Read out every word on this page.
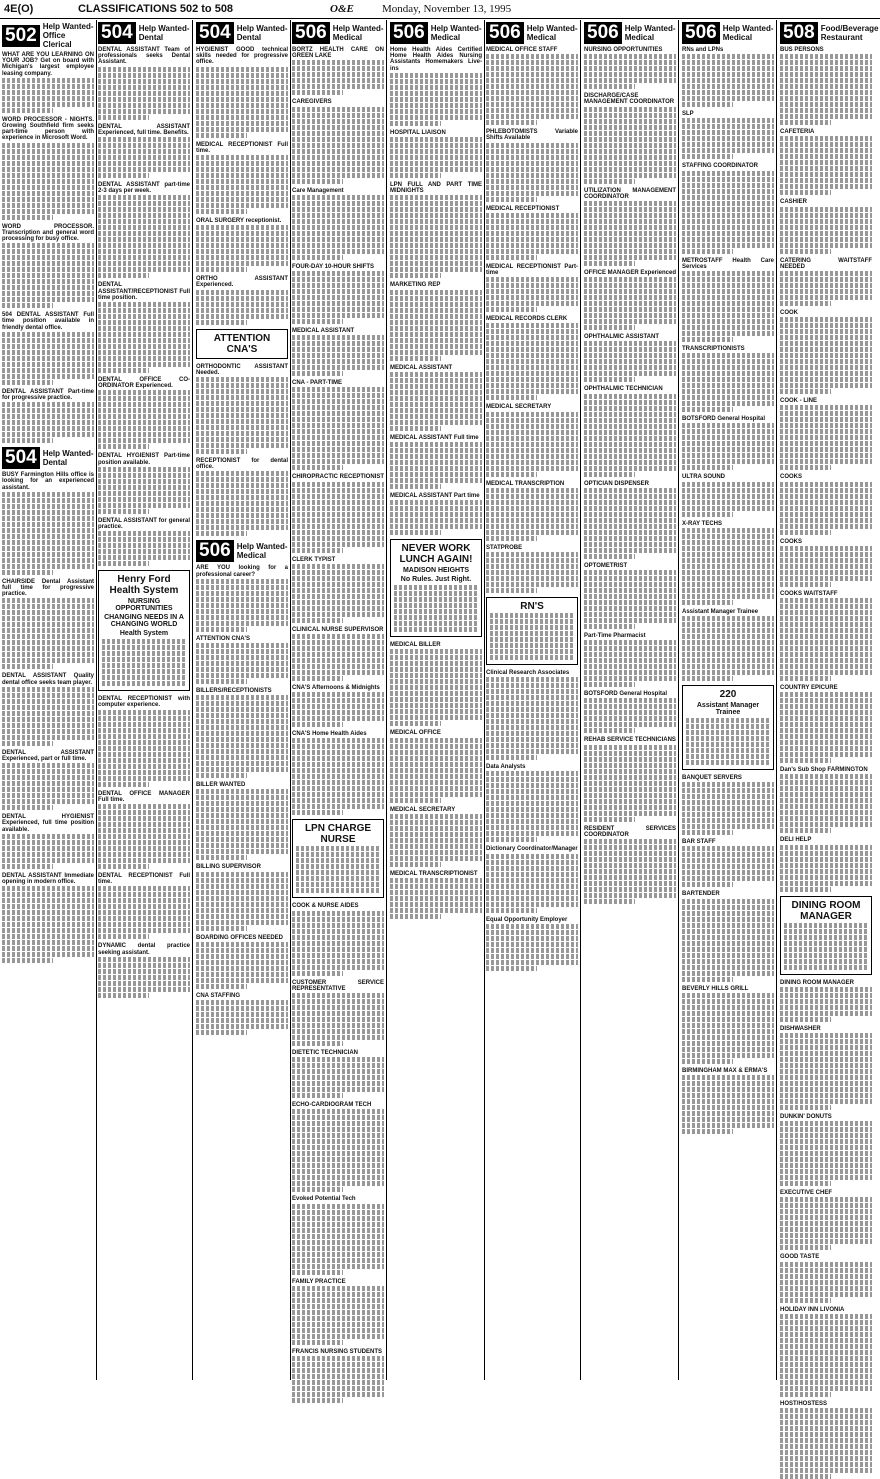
4E(O)	CLASSIFICATIONS 502 to 508	O&E	Monday, November 13, 1995
502 Help Wanted-Office Clerical
WHAT ARE YOU LEARNING ON YOUR JOB? Get on board with Michigan's largest employee leasing company.
WORD PROCESSOR - NIGHTS. Growing Southfield firm seeks part-time person with experience in Microsoft Word.
WORD PROCESSOR. Transcription and general word processing for busy office.
504 DENTAL ASSISTANT Full time position available in friendly dental office.
DENTAL ASSISTANT Part-time for progressive practice.
504 Help Wanted-Dental
BUSY Farmington Hills office is looking for an experienced assistant.
CHAIRSIDE Dental Assistant full time for progressive practice.
DENTAL ASSISTANT Quality dental office seeks team player.
DENTAL ASSISTANT Experienced, part or full time.
DENTAL HYGIENIST Experienced, full time position available.
DENTAL ASSISTANT Immediate opening in modern office.
504 Help Wanted-Dental
DENTAL ASSISTANT Team of professionals seeks Dental Assistant.
DENTAL ASSISTANT Experienced, full time. Benefits.
DENTAL ASSISTANT part-time 2-3 days per week.
DENTAL ASSISTANT/RECEPTIONIST Full time position.
DENTAL OFFICE CO-ORDINATOR Experienced.
DENTAL HYGIENIST Part-time position available.
DENTAL ASSISTANT for general practice.
Henry Ford Health System
NURSING OPPORTUNITIES
CHANGING NEEDS IN A CHANGING WORLD
Health System
DENTAL RECEPTIONIST with computer experience.
DENTAL OFFICE MANAGER Full time.
DENTAL RECEPTIONIST Full time.
DYNAMIC dental practice seeking assistant.
504 Help Wanted-Dental
HYGIENIST GOOD technical skills needed for progressive office.
MEDICAL RECEPTIONIST Full time.
ORAL SURGERY receptionist.
ORTHO ASSISTANT Experienced.
ATTENTION CNA'S
ORTHODONTIC ASSISTANT Needed.
RECEPTIONIST for dental office.
506 Help Wanted-Medical
ARE YOU looking for a professional career?
ATTENTION CNA'S
BILLERS/RECEPTIONISTS
BILLER WANTED
BILLING SUPERVISOR
BOARDING OFFICES NEEDED
CNA STAFFING
506 Help Wanted-Medical
BORTZ HEALTH CARE ON GREEN LAKE
CAREGIVERS
Care Management
FOUR-DAY 10-HOUR SHIFTS
MEDICAL ASSISTANT
CNA - PART-TIME
CHIROPRACTIC RECEPTIONIST
CLERK TYPIST
CLINICAL NURSE SUPERVISOR
CNA'S Afternoons & Midnights
CNA'S Home Health Aides
LPN CHARGE NURSE
COOK & NURSE AIDES
CUSTOMER SERVICE REPRESENTATIVE
DIETETIC TECHNICIAN
ECHO-CARDIOGRAM TECH
Evoked Potential Tech
FAMILY PRACTICE
FRANCIS NURSING STUDENTS
506 Help Wanted-Medical
Home Health Aides Certified Home Health Aides Nursing Assistants Homemakers Live-ins
HOSPITAL LIAISON
LPN FULL AND PART TIME MIDNIGHTS
MARKETING REP
MEDICAL ASSISTANT
MEDICAL ASSISTANT Full time
MEDICAL ASSISTANT Part time
NEVER WORK LUNCH AGAIN!
MADISON HEIGHTS
No Rules. Just Right.
MEDICAL BILLER
MEDICAL OFFICE
MEDICAL SECRETARY
MEDICAL TRANSCRIPTIONIST
506 Help Wanted-Medical
MEDICAL OFFICE STAFF
PHLEBOTOMISTS Variable Shifts Available
MEDICAL RECEPTIONIST
MEDICAL RECEPTIONIST Part-time
MEDICAL RECORDS CLERK
MEDICAL SECRETARY
MEDICAL TRANSCRIPTION
STATPROBE
RN'S
Clinical Research Associates
Data Analysts
Dictionary Coordinator/Manager
Equal Opportunity Employer
506 Help Wanted-Medical
NURSING OPPORTUNITIES
DISCHARGE/CASE MANAGEMENT COORDINATOR
UTILIZATION MANAGEMENT COORDINATOR
OFFICE MANAGER Experienced
OPHTHALMIC ASSISTANT
OPHTHALMIC TECHNICIAN
OPTICIAN DISPENSER
OPTOMETRIST
Part-Time Pharmacist
BOTSFORD General Hospital
REHAB SERVICE TECHNICIANS
RESIDENT SERVICES COORDINATOR
506 Help Wanted-Medical
RNs and LPNs
SLP
STAFFING COORDINATOR
METROSTAFF Health Care Services
TRANSCRIPTIONISTS
BOTSFORD General Hospital
ULTRA SOUND
X-RAY TECHS
Assistant Manager Trainee
220
Assistant Manager Trainee
BANQUET SERVERS
BAR STAFF
BARTENDER
BEVERLY HILLS GRILL
BIRMINGHAM MAX & ERMA'S
508 Food/Beverage Restaurant
BUS PERSONS
CAFETERIA
CASHIER
CATERING WAITSTAFF NEEDED
COOK
COOK - LINE
COOKS
COOKS
COOKS WAITSTAFF
COUNTRY EPICURE
Dan's Sub Shop FARMINGTON
DELI HELP
DINING ROOM MANAGER
DINING ROOM MANAGER
DISHWASHER
DUNKIN' DONUTS
EXECUTIVE CHEF
GOOD TASTE
HOLIDAY INN LIVONIA
HOST/HOSTESS
